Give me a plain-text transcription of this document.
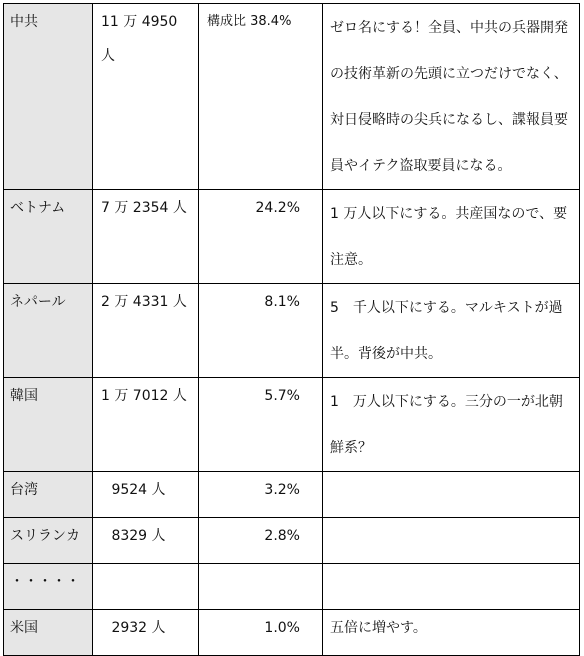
中共	11 万 4950 人	構成比 38.4%	ゼロ名にする！全員、中共の兵器開発の技術革新の先頭に立つだけでなく、対日侵略時の尖兵になるし、諜報員要員やイテク盗取要員になる。
ベトナム	7 万 2354 人	24.2%	1 万人以下にする。共産国なので、要注意。
ネパール	2 万 4331 人	8.1%	5　千人以下にする。マルキストが過半。背後が中共。
韓国	1 万 7012 人	5.7%	1　万人以下にする。三分の一が北朝鮮系？
台湾	9524 人	3.2%	
スリランカ	8329 人	2.8%	
・・・・・			
米国	2932 人	1.0%	五倍に増やす。
